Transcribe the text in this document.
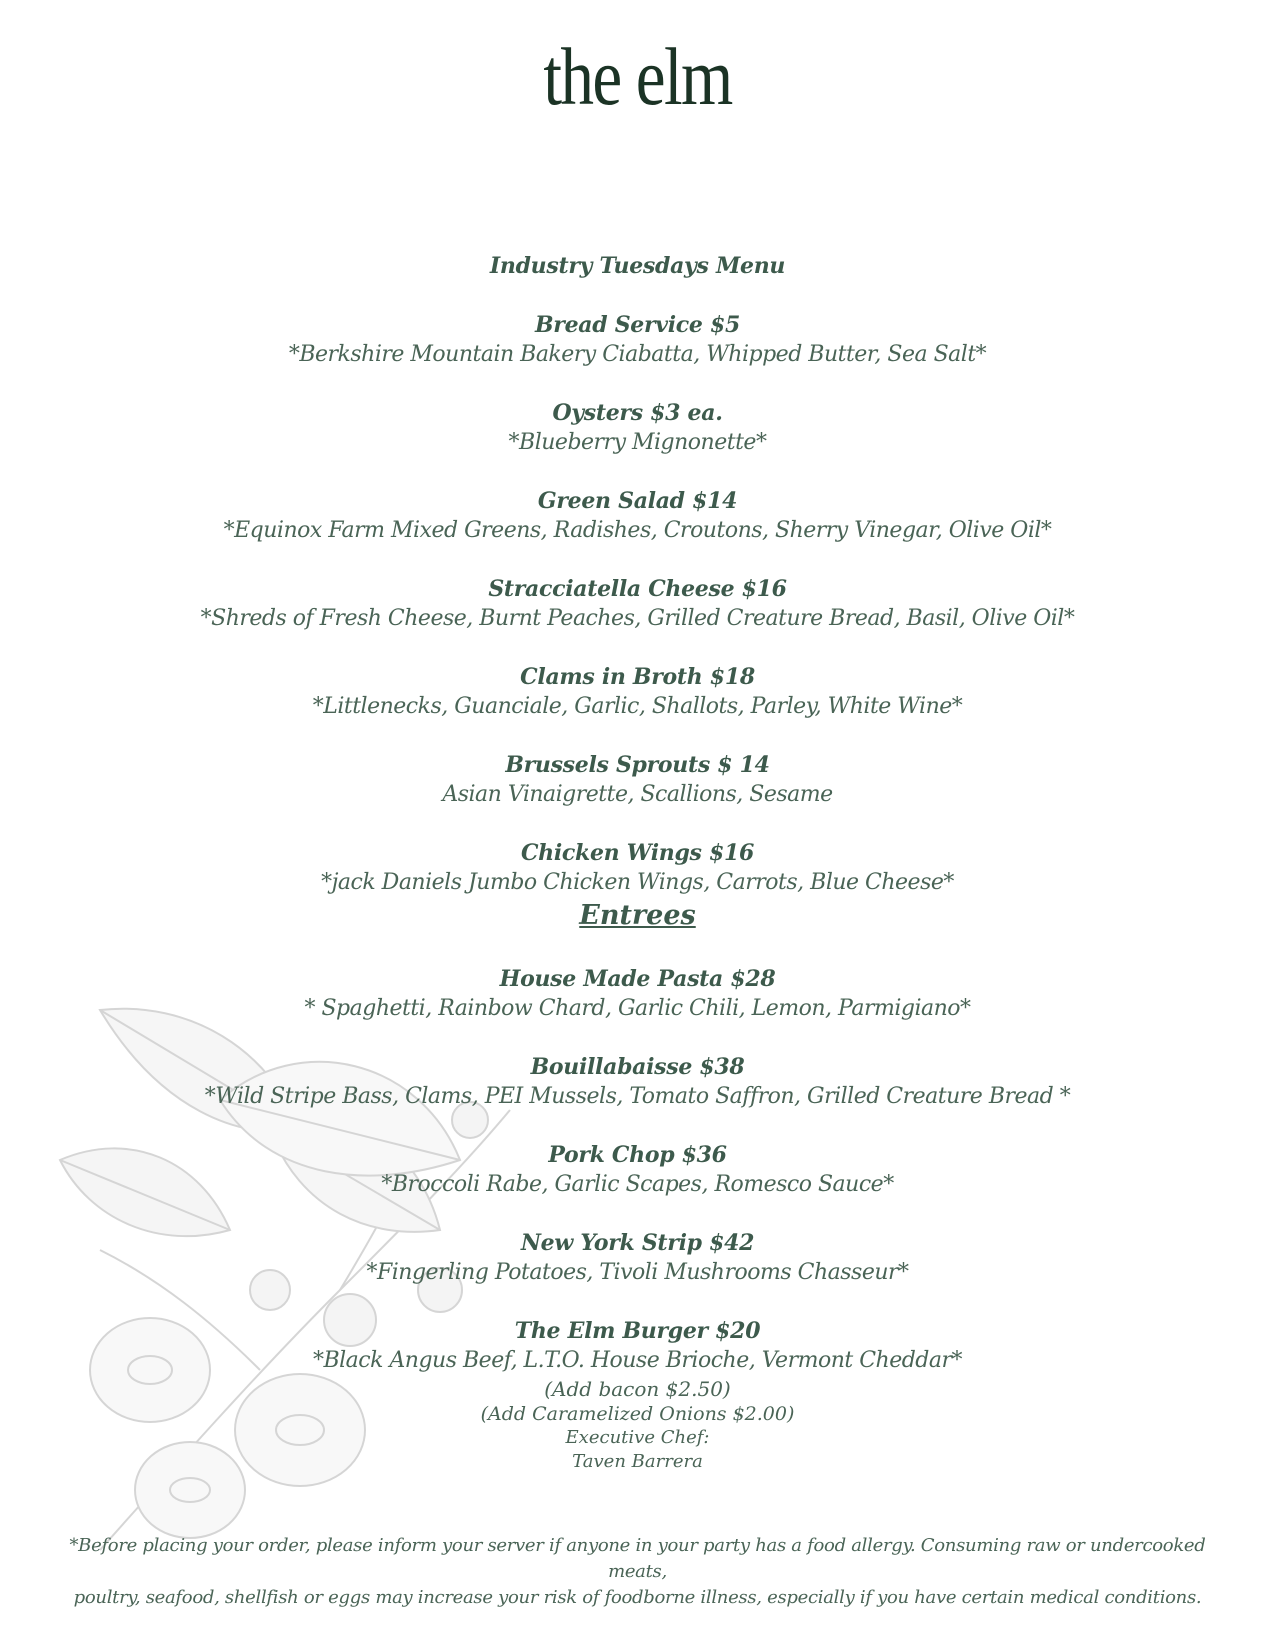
the elm
Industry Tuesdays Menu
Bread Service $5
*Berkshire Mountain Bakery Ciabatta, Whipped Butter, Sea Salt*
Oysters $3 ea.
*Blueberry Mignonette*
Green Salad $14
*Equinox Farm Mixed Greens, Radishes, Croutons, Sherry Vinegar, Olive Oil*
Stracciatella Cheese $16
*Shreds of Fresh Cheese, Burnt Peaches, Grilled Creature Bread, Basil, Olive Oil*
Clams in Broth $18
*Littlenecks, Guanciale, Garlic, Shallots, Parley, White Wine*
Brussels Sprouts $ 14
Asian Vinaigrette, Scallions, Sesame
Chicken Wings $16
*jack Daniels Jumbo Chicken Wings, Carrots, Blue Cheese*
Entrees
House Made Pasta $28
* Spaghetti, Rainbow Chard, Garlic Chili, Lemon, Parmigiano*
Bouillabaisse $38
*Wild Stripe Bass, Clams, PEI Mussels, Tomato Saffron, Grilled Creature Bread *
Pork Chop $36
*Broccoli Rabe, Garlic Scapes, Romesco Sauce*
New York Strip $42
*Fingerling Potatoes, Tivoli Mushrooms Chasseur*
The Elm Burger $20
*Black Angus Beef, L.T.O. House Brioche, Vermont Cheddar*
(Add bacon $2.50)
(Add Caramelized Onions $2.00)
Executive Chef:
Taven Barrera
*Before placing your order, please inform your server if anyone in your party has a food allergy. Consuming raw or undercooked meats,
poultry, seafood, shellfish or eggs may increase your risk of foodborne illness, especially if you have certain medical conditions.
